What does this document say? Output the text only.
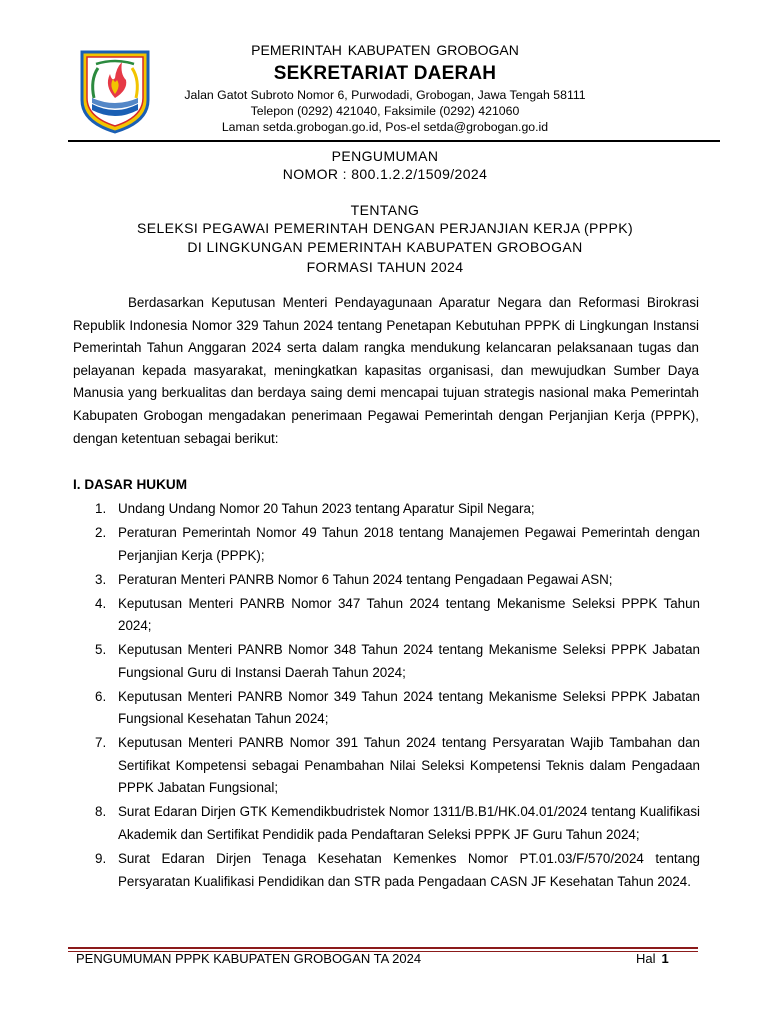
PEMERINTAH KABUPATEN GROBOGAN
SEKRETARIAT DAERAH
Jalan Gatot Subroto Nomor 6, Purwodadi, Grobogan, Jawa Tengah 58111
Telepon (0292) 421040, Faksimile (0292) 421060
Laman setda.grobogan.go.id, Pos-el setda@grobogan.go.id
PENGUMUMAN
NOMOR : 800.1.2.2/1509/2024
TENTANG
SELEKSI PEGAWAI PEMERINTAH DENGAN PERJANJIAN KERJA (PPPK)
DI LINGKUNGAN PEMERINTAH KABUPATEN GROBOGAN
FORMASI TAHUN 2024

Berdasarkan Keputusan Menteri Pendayagunaan Aparatur Negara dan Reformasi Birokrasi Republik Indonesia Nomor 329 Tahun 2024 tentang Penetapan Kebutuhan PPPK di Lingkungan Instansi Pemerintah Tahun Anggaran 2024 serta dalam rangka mendukung kelancaran pelaksanaan tugas dan pelayanan kepada masyarakat, meningkatkan kapasitas organisasi, dan mewujudkan Sumber Daya Manusia yang berkualitas dan berdaya saing demi mencapai tujuan strategis nasional maka Pemerintah Kabupaten Grobogan mengadakan penerimaan Pegawai Pemerintah dengan Perjanjian Kerja (PPPK), dengan ketentuan sebagai berikut:

I. DASAR HUKUM
1. Undang Undang Nomor 20 Tahun 2023 tentang Aparatur Sipil Negara;
2. Peraturan Pemerintah Nomor 49 Tahun 2018 tentang Manajemen Pegawai Pemerintah dengan Perjanjian Kerja (PPPK);
3. Peraturan Menteri PANRB Nomor 6 Tahun 2024 tentang Pengadaan Pegawai ASN;
4. Keputusan Menteri PANRB Nomor 347 Tahun 2024 tentang Mekanisme Seleksi PPPK Tahun 2024;
5. Keputusan Menteri PANRB Nomor 348 Tahun 2024 tentang Mekanisme Seleksi PPPK Jabatan Fungsional Guru di Instansi Daerah Tahun 2024;
6. Keputusan Menteri PANRB Nomor 349 Tahun 2024 tentang Mekanisme Seleksi PPPK Jabatan Fungsional Kesehatan Tahun 2024;
7. Keputusan Menteri PANRB Nomor 391 Tahun 2024 tentang Persyaratan Wajib Tambahan dan Sertifikat Kompetensi sebagai Penambahan Nilai Seleksi Kompetensi Teknis dalam Pengadaan PPPK Jabatan Fungsional;
8. Surat Edaran Dirjen GTK Kemendikbudristek Nomor 1311/B.B1/HK.04.01/2024 tentang Kualifikasi Akademik dan Sertifikat Pendidik pada Pendaftaran Seleksi PPPK JF Guru Tahun 2024;
9. Surat Edaran Dirjen Tenaga Kesehatan Kemenkes Nomor PT.01.03/F/570/2024 tentang Persyaratan Kualifikasi Pendidikan dan STR pada Pengadaan CASN JF Kesehatan Tahun 2024.
PENGUMUMAN PPPK KABUPATEN GROBOGAN TA 2024	Hal 1
